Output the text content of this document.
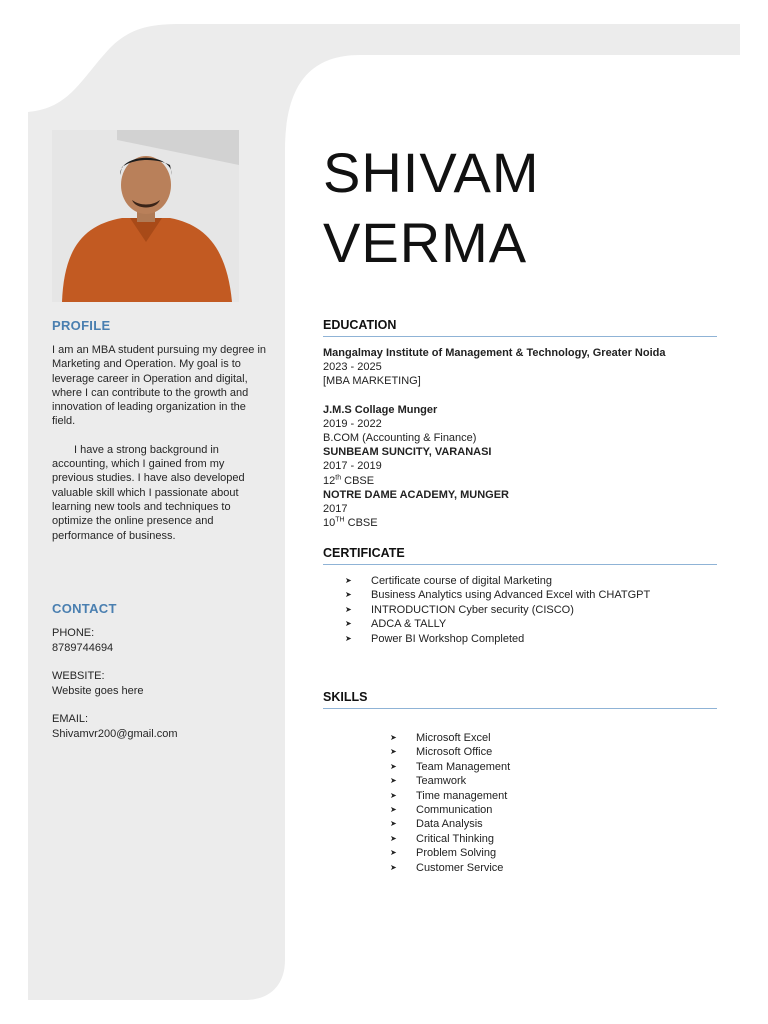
PROFILE

I am an MBA student pursuing my degree in Marketing and Operation. My goal is to leverage career in Operation and digital, where I can contribute to the growth and innovation of leading organization in the field.

I have a strong background in accounting, which I gained from my previous studies. I have also developed valuable skill which I passionate about learning new tools and techniques to optimize the online presence and performance of business.

CONTACT
PHONE:
8789744694
WEBSITE:
Website goes here
EMAIL:
Shivamvr200@gmail.com
SHIVAM
VERMA
EDUCATION
Mangalmay Institute of Management & Technology, Greater Noida
2023 - 2025
[MBA MARKETING]
J.M.S Collage Munger
2019 - 2022
B.COM (Accounting & Finance)
SUNBEAM SUNCITY, VARANASI
2017 - 2019
12th CBSE
NOTRE DAME ACADEMY, MUNGER
2017
10TH CBSE
CERTIFICATE
➤	Certificate course of digital Marketing
➤	Business Analytics using Advanced Excel with CHATGPT
➤	INTRODUCTION Cyber security (CISCO)
➤	ADCA & TALLY
➤	Power BI Workshop Completed
SKILLS
➤	Microsoft Excel
➤	Microsoft Office
➤	Team Management
➤	Teamwork
➤	Time management
➤	Communication
➤	Data Analysis
➤	Critical Thinking
➤	Problem Solving
➤	Customer Service
